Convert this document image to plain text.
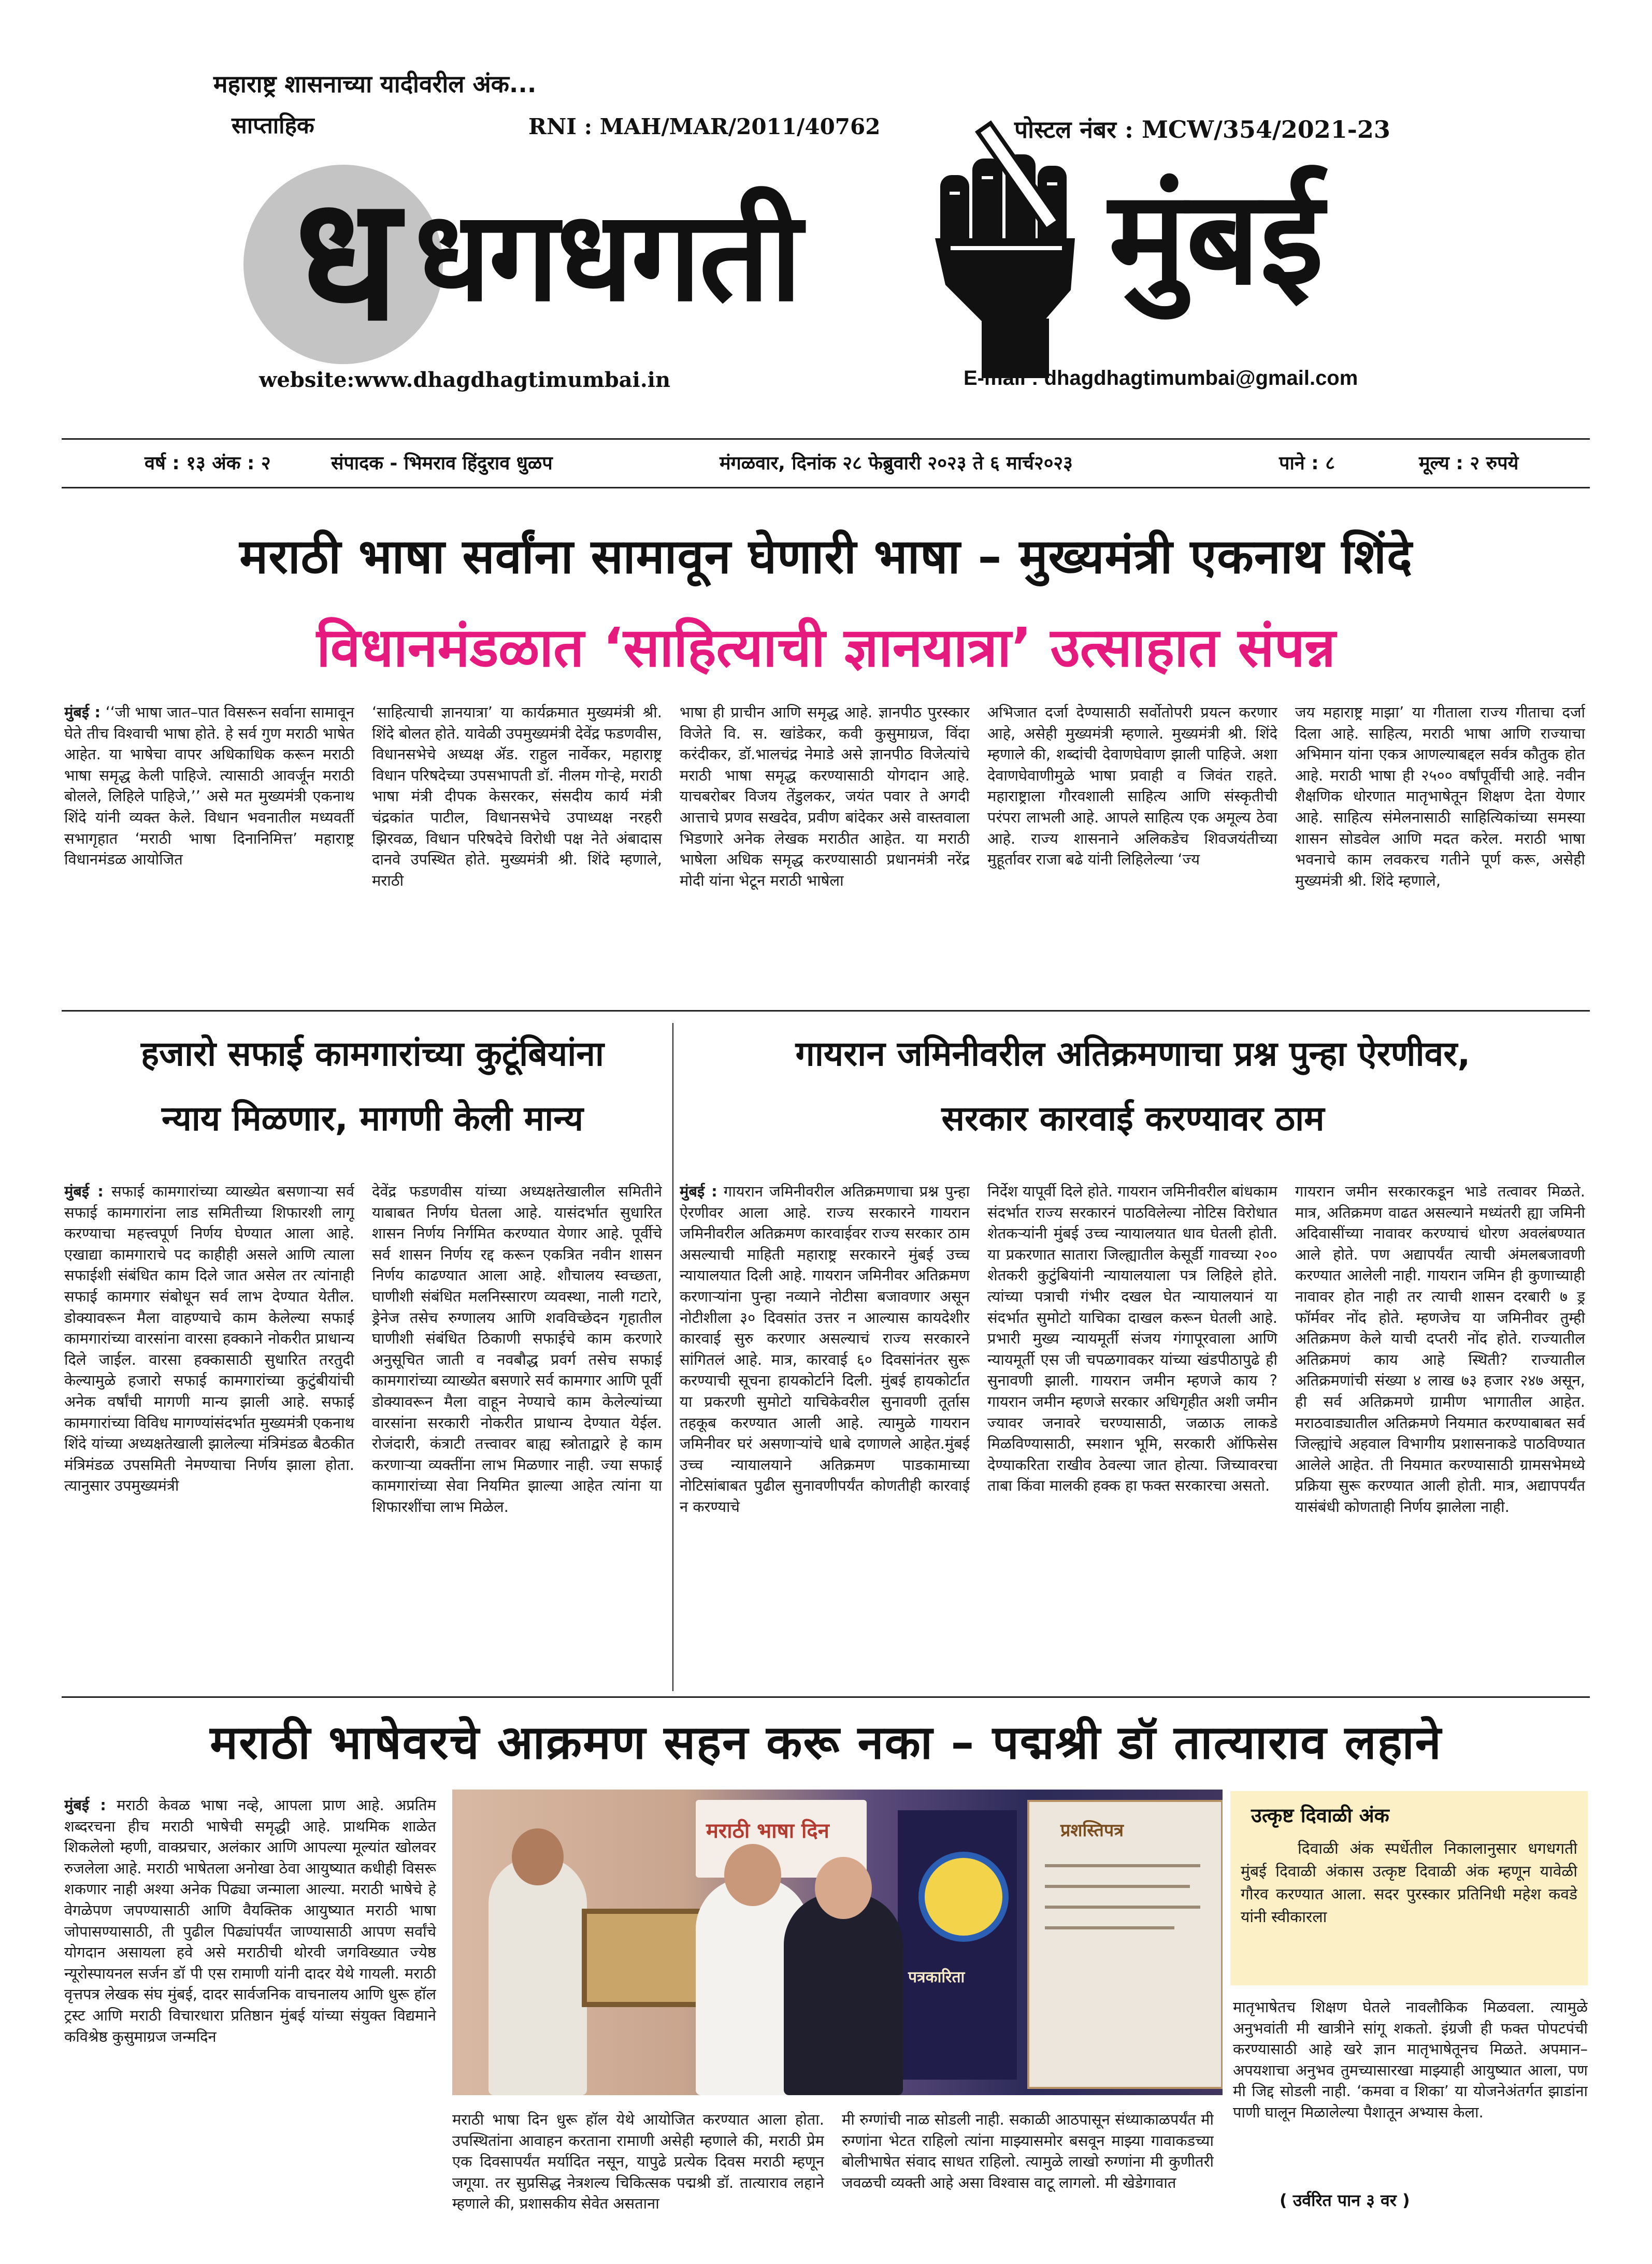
महाराष्ट्र शासनाच्या यादीवरील अंक...
साप्ताहिक	RNI : MAH/MAR/2011/40762	पोस्टल नंबर : MCW/354/2021-23
ध धगधगती मुंबई
website:www.dhagdhagtimumbai.in	E-mail : dhagdhagtimumbai@gmail.com
वर्ष : १३ अंक : २	संपादक - भिमराव हिंदुराव धुळप	मंगळवार, दिनांक २८ फेब्रुवारी २०२३ ते ६ मार्च२०२३	पाने : ८	मूल्य : २ रुपये
मराठी भाषा सर्वांना सामावून घेणारी भाषा – मुख्यमंत्री एकनाथ शिंदे
विधानमंडळात ‘साहित्याची ज्ञानयात्रा’ उत्साहात संपन्न

मुंबई : ‘‘जी भाषा जात–पात विसरून सर्वाना सामावून घेते तीच विश्वाची भाषा होते. हे सर्व गुण मराठी भाषेत आहेत. या भाषेचा वापर अधिकाधिक करून मराठी भाषा समृद्ध केली पाहिजे. त्यासाठी आवर्जून मराठी बोलले, लिहिले पाहिजे,’’ असे मत मुख्यमंत्री एकनाथ शिंदे यांनी व्यक्त केले. विधान भवनातील मध्यवर्ती सभागृहात ‘मराठी भाषा दिनानिमित्त’ महाराष्ट्र विधानमंडळ आयोजित

‘साहित्याची ज्ञानयात्रा’ या कार्यक्रमात मुख्यमंत्री श्री. शिंदे बोलत होते. यावेळी उपमुख्यमंत्री देवेंद्र फडणवीस, विधानसभेचे अध्यक्ष ॲड. राहुल नार्वेकर, महाराष्ट्र विधान परिषदेच्या उपसभापती डॉ. नीलम गोऱ्हे, मराठी भाषा मंत्री दीपक केसरकर, संसदीय कार्य मंत्री चंद्रकांत पाटील, विधानसभेचे उपाध्यक्ष नरहरी झिरवळ, विधान परिषदेचे विरोधी पक्ष नेते अंबादास दानवे उपस्थित होते. मुख्यमंत्री श्री. शिंदे म्हणाले, मराठी

भाषा ही प्राचीन आणि समृद्ध आहे. ज्ञानपीठ पुरस्कार विजेते वि. स. खांडेकर, कवी कुसुमाग्रज, विंदा करंदीकर, डॉ.भालचंद्र नेमाडे असे ज्ञानपीठ विजेत्यांचे मराठी भाषा समृद्ध करण्यासाठी योगदान आहे. याचबरोबर विजय तेंडुलकर, जयंत पवार ते अगदी आत्ताचे प्रणव सखदेव, प्रवीण बांदेकर असे वास्तवाला भिडणारे अनेक लेखक मराठीत आहेत. या मराठी भाषेला अधिक समृद्ध करण्यासाठी प्रधानमंत्री नरेंद्र मोदी यांना भेटून मराठी भाषेला

अभिजात दर्जा देण्यासाठी सर्वोतोपरी प्रयत्न करणार आहे, असेही मुख्यमंत्री म्हणाले. मुख्यमंत्री श्री. शिंदे म्हणाले की, शब्दांची देवाणघेवाण झाली पाहिजे. अशा देवाणघेवाणीमुळे भाषा प्रवाही व जिवंत राहते. महाराष्ट्राला गौरवशाली साहित्य आणि संस्कृतीची परंपरा लाभली आहे. आपले साहित्य एक अमूल्य ठेवा आहे. राज्य शासनाने अलिकडेच शिवजयंतीच्या मुहूर्तावर राजा बढे यांनी लिहिलेल्या ‘ज्य

जय महाराष्ट्र माझा’ या गीताला राज्य गीताचा दर्जा दिला आहे. साहित्य, मराठी भाषा आणि राज्याचा अभिमान यांना एकत्र आणल्याबद्दल सर्वत्र कौतुक होत आहे. मराठी भाषा ही २५०० वर्षांपूर्वीची आहे. नवीन शैक्षणिक धोरणात मातृभाषेतून शिक्षण देता येणार आहे. साहित्य संमेलनासाठी साहित्यिकांच्या समस्या शासन सोडवेल आणि मदत करेल. मराठी भाषा भवनाचे काम लवकरच गतीने पूर्ण करू, असेही मुख्यमंत्री श्री. शिंदे म्हणाले,

हजारो सफाई कामगारांच्या कुटूंबियांना
न्याय मिळणार, मागणी केली मान्य

मुंबई : सफाई कामगारांच्या व्याख्येत बसणाऱ्या सर्व सफाई कामगारांना लाड समितीच्या शिफारशी लागू करण्याचा महत्त्वपूर्ण निर्णय घेण्यात आला आहे. एखाद्या कामगाराचे पद काहीही असले आणि त्याला सफाईशी संबंधित काम दिले जात असेल तर त्यांनाही सफाई कामगार संबोधून सर्व लाभ देण्यात येतील. डोक्यावरून मैला वाहण्याचे काम केलेल्या सफाई कामगारांच्या वारसांना वारसा हक्काने नोकरीत प्राधान्य दिले जाईल. वारसा हक्कासाठी सुधारित तरतुदी केल्यामुळे हजारो सफाई कामगारांच्या कुटुंबीयांची अनेक वर्षांची मागणी मान्य झाली आहे. सफाई कामगारांच्या विविध मागण्यांसंदर्भात मुख्यमंत्री एकनाथ शिंदे यांच्या अध्यक्षतेखाली झालेल्या मंत्रिमंडळ बैठकीत मंत्रिमंडळ उपसमिती नेमण्याचा निर्णय झाला होता. त्यानुसार उपमुख्यमंत्री

देवेंद्र फडणवीस यांच्या अध्यक्षतेखालील समितीने याबाबत निर्णय घेतला आहे. यासंदर्भात सुधारित शासन निर्णय निर्गमित करण्यात येणार आहे. पूर्वीचे सर्व शासन निर्णय रद्द करून एकत्रित नवीन शासन निर्णय काढण्यात आला आहे. शौचालय स्वच्छता, घाणीशी संबंधित मलनिस्सारण व्यवस्था, नाली गटारे, ड्रेनेज तसेच रुग्णालय आणि शवविच्छेदन गृहातील घाणीशी संबंधित ठिकाणी सफाईचे काम करणारे अनुसूचित जाती व नवबौद्ध प्रवर्ग तसेच सफाई कामगारांच्या व्याख्येत बसणारे सर्व कामगार आणि पूर्वी डोक्यावरून मैला वाहून नेण्याचे काम केलेल्यांच्या वारसांना सरकारी नोकरीत प्राधान्य देण्यात येईल. रोजंदारी, कंत्राटी तत्त्वावर बाह्य स्त्रोताद्वारे हे काम करणाऱ्या व्यक्तींना लाभ मिळणार नाही. ज्या सफाई कामगारांच्या सेवा नियमित झाल्या आहेत त्यांना या शिफारशींचा लाभ मिळेल.

गायरान जमिनीवरील अतिक्रमणाचा प्रश्न पुन्हा ऐरणीवर,
सरकार कारवाई करण्यावर ठाम

मुंबई : गायरान जमिनीवरील अतिक्रमणाचा प्रश्न पुन्हा ऐरणीवर आला आहे. राज्य सरकारने गायरान जमिनीवरील अतिक्रमण कारवाईवर राज्य सरकार ठाम असल्याची माहिती महाराष्ट्र सरकारने मुंबई उच्च न्यायालयात दिली आहे. गायरान जमिनीवर अतिक्रमण करणाऱ्यांना पुन्हा नव्याने नोटीसा बजावणार असून नोटीशीला ३० दिवसांत उत्तर न आल्यास कायदेशीर कारवाई सुरु करणार असल्याचं राज्य सरकारने सांगितलं आहे. मात्र, कारवाई ६० दिवसांनंतर सुरू करण्याची सूचना हायकोर्टाने दिली. मुंबई हायकोर्टात या प्रकरणी सुमोटो याचिकेवरील सुनावणी तूर्तास तहकूब करण्यात आली आहे. त्यामुळे गायरान जमिनीवर घरं असणाऱ्यांचे धाबे दणाणले आहेत.मुंबई उच्च न्यायालयाने अतिक्रमण पाडकामाच्या नोटिसांबाबत पुढील सुनावणीपर्यंत कोणतीही कारवाई न करण्याचे

निर्देश यापूर्वी दिले होते. गायरान जमिनीवरील बांधकाम संदर्भात राज्य सरकारनं पाठविलेल्या नोटिस विरोधात शेतकऱ्यांनी मुंबई उच्च न्यायालयात धाव घेतली होती. या प्रकरणात सातारा जिल्ह्यातील केसूर्डी गावच्या २०० शेतकरी कुटुंबियांनी न्यायालयाला पत्र लिहिले होते. त्यांच्या पत्राची गंभीर दखल घेत न्यायालयानं या संदर्भात सुमोटो याचिका दाखल करून घेतली आहे. प्रभारी मुख्य न्यायमूर्ती संजय गंगापूरवाला आणि न्यायमूर्ती एस जी चपळगावकर यांच्या खंडपीठापुढे ही सुनावणी झाली. गायरान जमीन म्हणजे काय ? गायरान जमीन म्हणजे सरकार अधिगृहीत अशी जमीन ज्यावर जनावरे चरण्यासाठी, जळाऊ लाकडे मिळविण्यासाठी, स्मशान भूमि, सरकारी ऑफिसेस देण्याकरिता राखीव ठेवल्या जात होत्या. जिच्यावरचा ताबा किंवा मालकी हक्क हा फक्त सरकारचा असतो.

गायरान जमीन सरकारकडून भाडे तत्वावर मिळते. मात्र, अतिक्रमण वाढत असल्याने मध्यंतरी ह्या जमिनी अदिवासींच्या नावावर करण्याचं धोरण अवलंबण्यात आले होते. पण अद्यापर्यंत त्याची अंमलबजावणी करण्यात आलेली नाही. गायरान जमिन ही कुणाच्याही नावावर होत नाही तर त्याची शासन दरबारी ७ ड्र फॉर्मवर नोंद होते. म्हणजेच या जमिनीवर तुम्ही अतिक्रमण केले याची दप्तरी नोंद होते. राज्यातील अतिक्रमणं काय आहे स्थिती? राज्यातील अतिक्रमणांची संख्या ४ लाख ७३ हजार २४७ असून, ही सर्व अतिक्रमणे ग्रामीण भागातील आहेत. मराठवाड्यातील अतिक्रमणे नियमात करण्याबाबत सर्व जिल्ह्यांचे अहवाल विभागीय प्रशासनाकडे पाठविण्यात आलेले आहेत. ती नियमात करण्यासाठी ग्रामसभेमध्ये प्रक्रिया सुरू करण्यात आली होती. मात्र, अद्यापपर्यंत यासंबंधी कोणताही निर्णय झालेला नाही.

मराठी भाषेवरचे आक्रमण सहन करू नका – पद्मश्री डॉ तात्याराव लहाने

मुंबई : मराठी केवळ भाषा नव्हे, आपला प्राण आहे. अप्रतिम शब्दरचना हीच मराठी भाषेची समृद्धी आहे. प्राथमिक शाळेत शिकलेलो म्हणी, वाक्प्रचार, अलंकार आणि आपल्या मूल्यांत खोलवर रुजलेला आहे. मराठी भाषेतला अनोखा ठेवा आयुष्यात कधीही विसरू शकणार नाही अश्या अनेक पिढ्या जन्माला आल्या. मराठी भाषेचे हे वेगळेपण जपण्यासाठी आणि वैयक्तिक आयुष्यात मराठी भाषा जोपासण्यासाठी, ती पुढील पिढ्यांपर्यंत जाण्यासाठी आपण सर्वांचे योगदान असायला हवे असे मराठीची थोरवी जगविख्यात ज्येष्ठ न्यूरोस्पायनल सर्जन डॉ पी एस रामाणी यांनी दादर येथे गायली. मराठी वृत्तपत्र लेखक संघ मुंबई, दादर सार्वजनिक वाचनालय आणि धुरू हॉल ट्रस्ट आणि मराठी विचारधारा प्रतिष्ठान मुंबई यांच्या संयुक्त विद्यमाने कविश्रेष्ठ कुसुमाग्रज जन्मदिन

मराठी भाषा दिन
पत्रकारिता
प्रशस्तिपत्र

मराठी भाषा दिन धुरू हॉल येथे आयोजित करण्यात आला होता. उपस्थितांना आवाहन करताना रामाणी असेही म्हणाले की, मराठी प्रेम एक दिवसापर्यंत मर्यादित नसून, यापुढे प्रत्येक दिवस मराठी म्हणून जगूया. तर सुप्रसिद्ध नेत्रशल्य चिकित्सक पद्मश्री डॉ. तात्याराव लहाने म्हणाले की, प्रशासकीय सेवेत असताना

मी रुग्णांची नाळ सोडली नाही. सकाळी आठपासून संध्याकाळपर्यंत मी रुग्णांना भेटत राहिलो त्यांना माझ्यासमोर बसवून माझ्या गावाकडच्या बोलीभाषेत संवाद साधत राहिलो. त्यामुळे लाखो रुग्णांना मी कुणीतरी जवळची व्यक्ती आहे असा विश्वास वाटू लागलो. मी खेडेगावात

उत्कृष्ट दिवाळी अंक
दिवाळी अंक स्पर्धेतील निकालानुसार धगधगती मुंबई दिवाळी अंकास उत्कृष्ट दिवाळी अंक म्हणून यावेळी गौरव करण्यात आला. सदर पुरस्कार प्रतिनिधी महेश कवडे यांनी स्वीकारला

मातृभाषेतच शिक्षण घेतले नावलौकिक मिळवला. त्यामुळे अनुभवांती मी खात्रीने सांगू शकतो. इंग्रजी ही फक्त पोपटपंची करण्यासाठी आहे खरे ज्ञान मातृभाषेतूनच मिळते. अपमान–अपयशाचा अनुभव तुमच्यासारखा माझ्याही आयुष्यात आला, पण मी जिद्द सोडली नाही. ‘कमवा व शिका’ या योजनेअंतर्गत झाडांना पाणी घालून मिळालेल्या पैशातून अभ्यास केला.

( उर्वरित पान ३ वर )
